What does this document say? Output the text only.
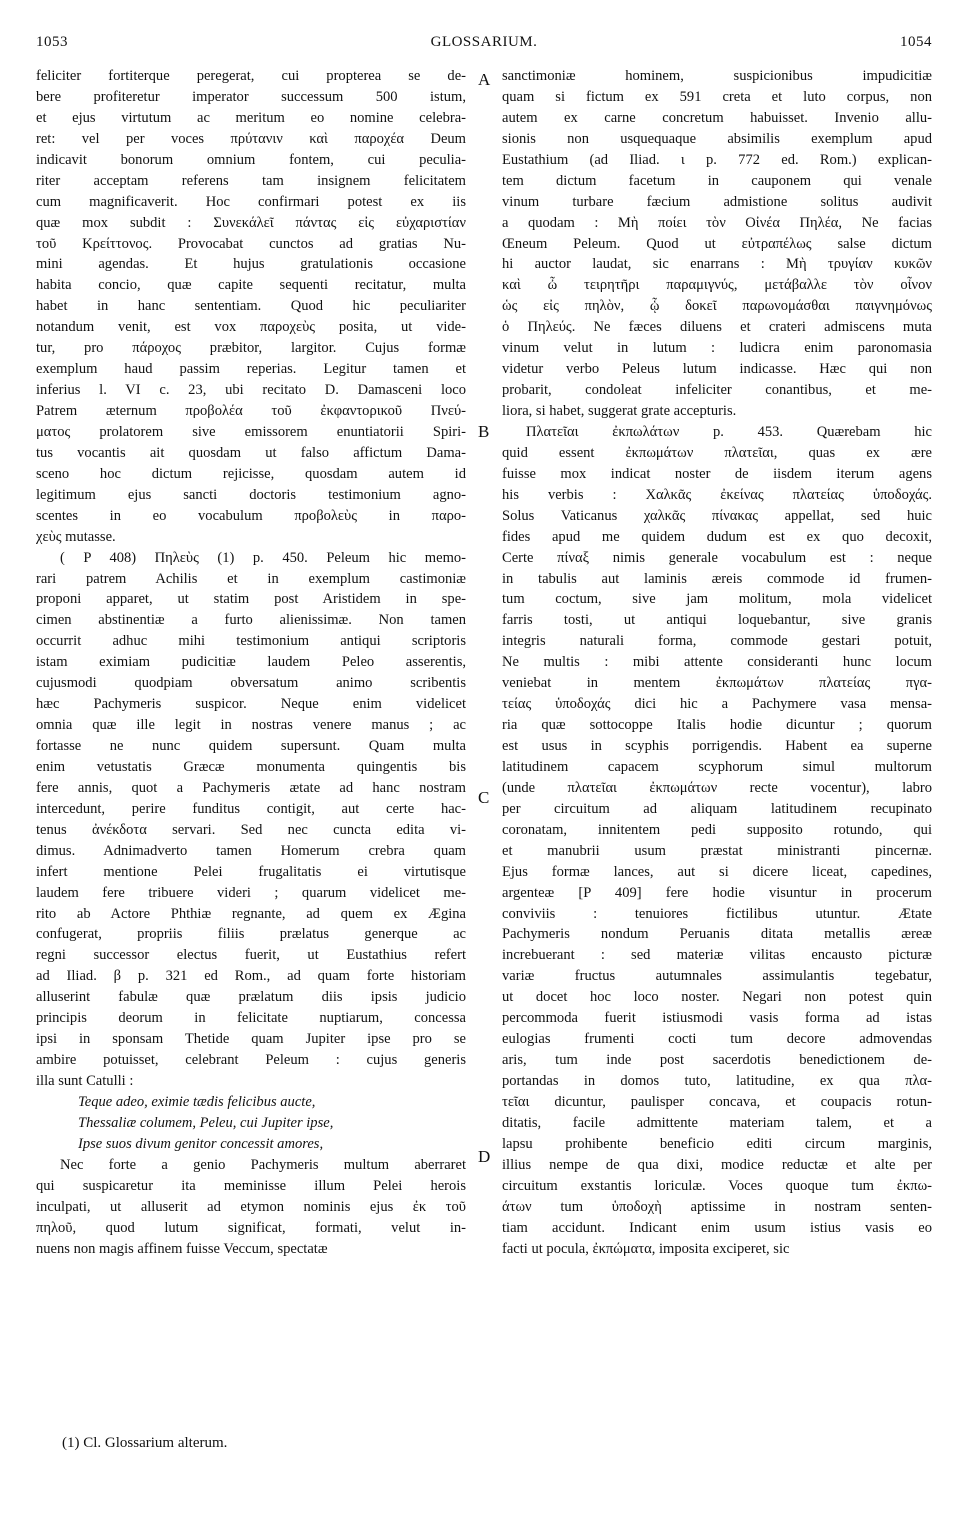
1053	GLOSSARIUM.	1054
feliciter fortiterque peregerat, cui propterea se de-
bere profiteretur imperator successum 500 istum,
et ejus virtutum ac meritum eo nomine celebra-
ret: vel per voces πρύτανιν καὶ παροχέα Deum
indicavit bonorum omnium fontem, cui peculia-
riter acceptam referens tam insignem felicitatem
cum magnificaverit. Hoc confirmari potest ex iis
quæ mox subdit : Συνεκάλεῖ πάντας εἰς εὐχαριστίαν
τοῦ Κρείττονος. Provocabat cunctos ad gratias Nu-
mini agendas. Et hujus gratulationis occasione
habita concio, quæ capite sequenti recitatur, multa
habet in hanc sententiam. Quod hic peculiariter
notandum venit, est vox παροχεὺς posita, ut vide-
tur, pro πάροχος præbitor, largitor. Cujus formæ
exemplum haud passim reperias. Legitur tamen et
inferius l. VI c. 23, ubi recitato D. Damasceni loco
Patrem æternum προβολέα τοῦ ἐκφαντορικοῦ Πνεύ-
ματος prolatorem sive emissorem enuntiatorii Spiri-
tus vocantis ait quosdam ut falso affictum Dama-
sceno hoc dictum rejicisse, quosdam autem id
legitimum ejus sancti doctoris testimonium agno-
scentes in eo vocabulum προβολεὺς in παρο-
χεὺς mutasse.
( P 408) Πηλεὺς (1) p. 450. Peleum hic memo-
rari patrem Achilis et in exemplum castimoniæ
proponi apparet, ut statim post Aristidem in spe-
cimen abstinentiæ a furto alienissimæ. Non tamen
occurrit adhuc mihi testimonium antiqui scriptoris
istam eximiam pudicitiæ laudem Peleo asserentis,
cujusmodi quodpiam obversatum animo scribentis
hæc Pachymeris suspicor. Neque enim videlicet
omnia quæ ille legit in nostras venere manus ; ac
fortasse ne nunc quidem supersunt. Quam multa
enim vetustatis Græcæ monumenta quingentis bis
fere annis, quot a Pachymeris ætate ad hanc nostram
intercedunt, perire funditus contigit, aut certe hac-
tenus ἀνέκδοτα servari. Sed nec cuncta edita vi-
dimus. Adnimadverto tamen Homerum crebra quam
infert mentione Pelei frugalitatis ei virtutisque
laudem fere tribuere videri ; quarum videlicet me-
rito ab Actore Phthiæ regnante, ad quem ex Ægina
confugerat, propriis filiis prælatus generque ac
regni successor electus fuerit, ut Eustathius refert
ad Iliad. β p. 321 ed Rom., ad quam forte historiam
alluserint fabulæ quæ prælatum diis ipsis judicio
principis deorum in felicitate nuptiarum, concessa
ipsi in sponsam Thetide quam Jupiter ipse pro se
ambire potuisset, celebrant Peleum : cujus generis
illa sunt Catulli :
Teque adeo, eximie tædis felicibus aucte,
Thessaliæ columem, Peleu, cui Jupiter ipse,
Ipse suos divum genitor concessit amores,
Nec forte a genio Pachymeris multum aberraret
qui suspicaretur ita meminisse illum Pelei herois
inculpati, ut alluserit ad etymon nominis ejus ἐκ τοῦ
πηλοῦ, quod lutum significat, formati, velut in-
nuens non magis affinem fuisse Veccum, spectatæ
sanctimoniæ hominem, suspicionibus impudicitiæ
quam si fictum ex 591 creta et luto corpus, non
autem ex carne concretum habuisset. Invenio allu-
sionis non usquequaque absimilis exemplum apud
Eustathium (ad Iliad. ι p. 772 ed. Rom.) explican-
tem dictum facetum in cauponem qui venale
vinum turbare fæcium admistione solitus audivit
a quodam : Μὴ ποίει τὸν Οἰνέα Πηλέα, Ne facias
Œneum Peleum. Quod ut εὐτραπέλως salse dictum
hi auctor laudat, sic enarrans : Μὴ τρυγίαν κυκῶν
καὶ ὦ τειρητῆρι παραμιγνύς, μετάβαλλε τὸν οἶνον
ὡς εἰς πηλὸν, ᾧ δοκεῖ παρωνομάσθαι παιγνημόνως
ὁ Πηλεύς. Ne fæces diluens et crateri admiscens muta
vinum velut in lutum : ludicra enim paronomasia
videtur verbo Peleus lutum indicasse. Hæc qui non
probarit, condoleat infeliciter conantibus, et me-
liora, si habet, suggerat grate accepturis.
Πλατεῖαι ἐκπωλάτων p. 453. Quærebam hic
quid essent ἐκπωμάτων πλατεῖαι, quas ex ære
fuisse mox indicat noster de iisdem iterum agens
his verbis : Χαλκᾶς ἐκείνας πλατείας ὑποδοχάς.
Solus Vaticanus χαλκᾶς πίνακας appellat, sed huic
fides apud me quidem dudum est ex quo decoxit,
Certe πίναξ nimis generale vocabulum est : neque
in tabulis aut laminis æreis commode id frumen-
tum coctum, sive jam molitum, mola videlicet
farris tosti, ut antiqui loquebantur, sive granis
integris naturali forma, commode gestari potuit,
Ne multis : mibi attente consideranti hunc locum
veniebat in mentem ἐκπωμάτων πλατείας πγα-
τείας ὑποδοχάς dici hic a Pachymere vasa mensa-
ria quæ sottocoppe Italis hodie dicuntur ; quorum
est usus in scyphis porrigendis. Habent ea superne
latitudinem capacem scyphorum simul multorum
(unde πλατεῖαι ἐκπωμάτων recte vocentur), labro
per circuitum ad aliquam latitudinem recupinato
coronatam, innitentem pedi supposito rotundo, qui
et manubrii usum præstat ministranti pincernæ.
Ejus formæ lances, aut si dicere liceat, capedines,
argenteæ [P 409] fere hodie visuntur in procerum
conviviis : tenuiores fictilibus utuntur. Ætate
Pachymeris nondum Peruanis ditata metallis æreæ
increbuerant : sed materiæ vilitas encausto picturæ
variæ fructus autumnales assimulantis tegebatur,
ut docet hoc loco noster. Negari non potest quin
percommoda fuerit istiusmodi vasis forma ad istas
eulogias frumenti cocti tum decore admovendas
aris, tum inde post sacerdotis benedictionem de-
portandas in domos tuto, latitudine, ex qua πλα-
τεῖαι dicuntur, paulisper concava, et coupacis rotun-
ditatis, facile admittente materiam talem, et a
lapsu prohibente beneficio editi circum marginis,
illius nempe de qua dixi, modice reductæ et alte per
circuitum exstantis loriculæ. Voces quoque tum ἐκπω-
άτων tum ὑποδοχὴ aptissime in nostram senten-
tiam accidunt. Indicant enim usum istius vasis eo
facti ut pocula, ἐκπώματα, imposita exciperet, sic
A
B
C
D
(1) Cl. Glossarium alterum.
